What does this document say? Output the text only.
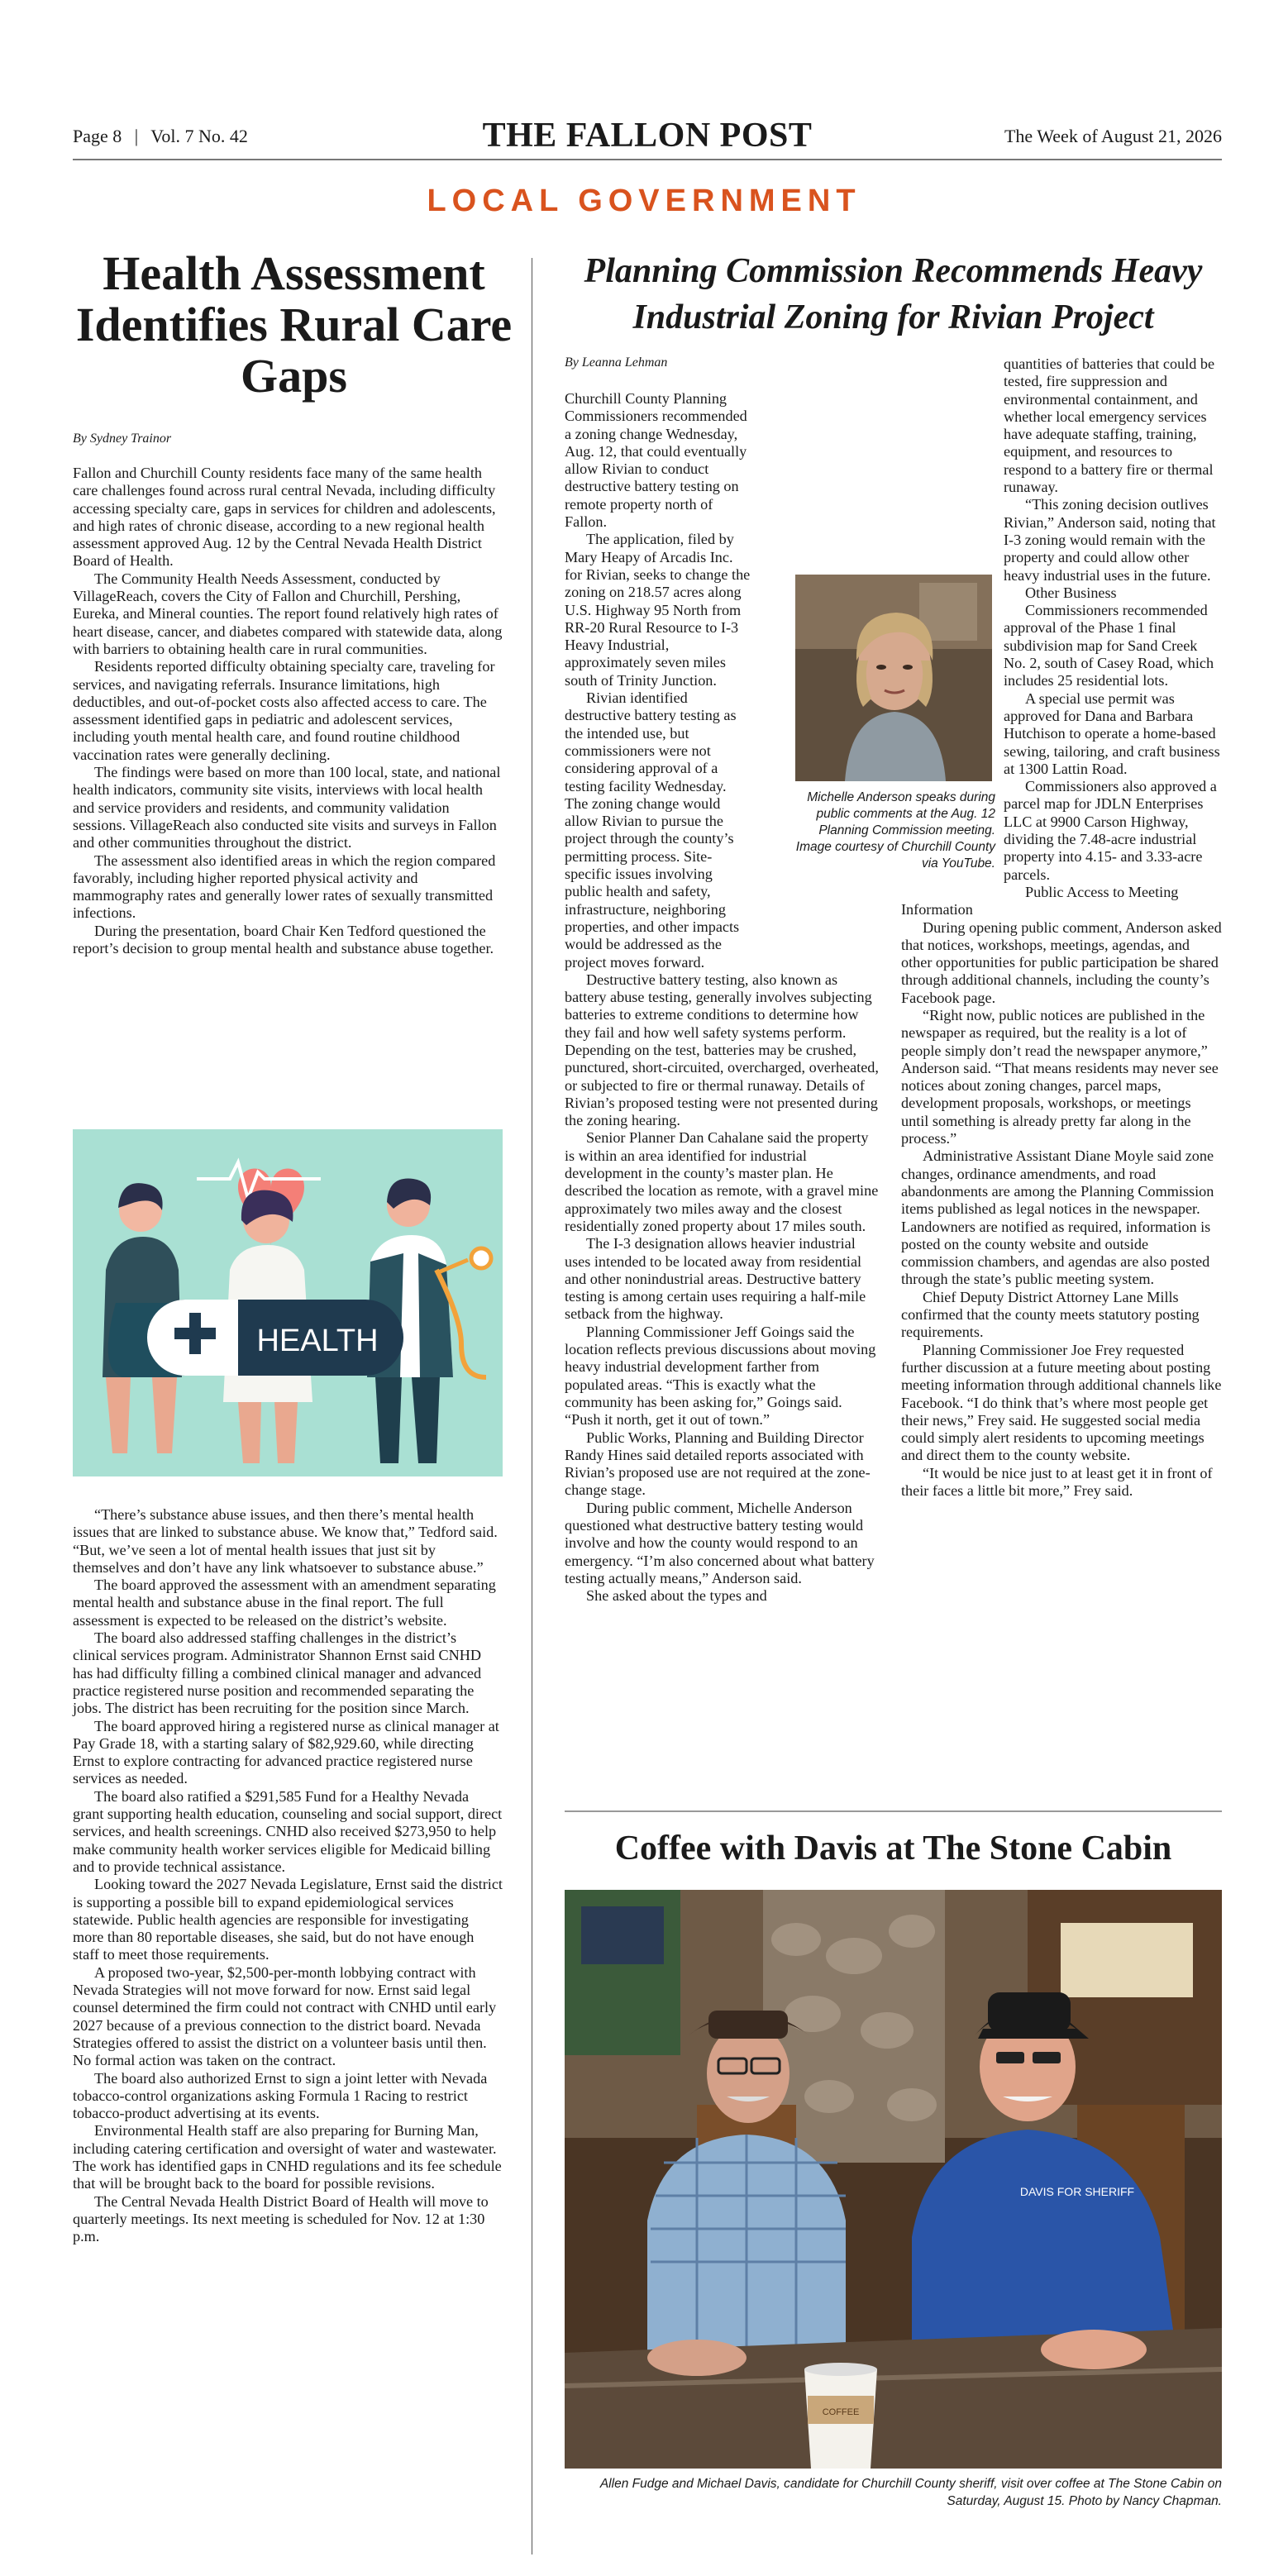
Page 8 | Vol. 7 No. 42	THE FALLON POST	The Week of August 21, 2026
LOCAL GOVERNMENT
Health Assessment Identifies Rural Care Gaps
By Sydney Trainor

Fallon and Churchill County residents face many of the same health care challenges found across rural central Nevada, including difficulty accessing specialty care, gaps in services for children and adolescents, and high rates of chronic disease, according to a new regional health assessment approved Aug. 12 by the Central Nevada Health District Board of Health.

The Community Health Needs Assessment, conducted by VillageReach, covers the City of Fallon and Churchill, Pershing, Eureka, and Mineral counties. The report found relatively high rates of heart disease, cancer, and diabetes compared with statewide data, along with barriers to obtaining health care in rural communities.

Residents reported difficulty obtaining specialty care, traveling for services, and navigating referrals. Insurance limitations, high deductibles, and out-of-pocket costs also affected access to care. The assessment identified gaps in pediatric and adolescent services, including youth mental health care, and found routine childhood vaccination rates were generally declining.

The findings were based on more than 100 local, state, and national health indicators, community site visits, interviews with local health and service providers and residents, and community validation sessions. VillageReach also conducted site visits and surveys in Fallon and other communities throughout the district.

The assessment also identified areas in which the region compared favorably, including higher reported physical activity and mammography rates and generally lower rates of sexually transmitted infections.

During the presentation, board Chair Ken Tedford questioned the report’s decision to group mental health and substance abuse together.

HEALTH

“There’s substance abuse issues, and then there’s mental health issues that are linked to substance abuse. We know that,” Tedford said. “But, we’ve seen a lot of mental health issues that just sit by themselves and don’t have any link whatsoever to substance abuse.”

The board approved the assessment with an amendment separating mental health and substance abuse in the final report. The full assessment is expected to be released on the district’s website.

The board also addressed staffing challenges in the district’s clinical services program. Administrator Shannon Ernst said CNHD has had difficulty filling a combined clinical manager and advanced practice registered nurse position and recommended separating the jobs. The district has been recruiting for the position since March.

The board approved hiring a registered nurse as clinical manager at Pay Grade 18, with a starting salary of $82,929.60, while directing Ernst to explore contracting for advanced practice registered nurse services as needed.

The board also ratified a $291,585 Fund for a Healthy Nevada grant supporting health education, counseling and social support, direct services, and health screenings. CNHD also received $273,950 to help make community health worker services eligible for Medicaid billing and to provide technical assistance.

Looking toward the 2027 Nevada Legislature, Ernst said the district is supporting a possible bill to expand epidemiological services statewide. Public health agencies are responsible for investigating more than 80 reportable diseases, she said, but do not have enough staff to meet those requirements.

A proposed two-year, $2,500-per-month lobbying contract with Nevada Strategies will not move forward for now. Ernst said legal counsel determined the firm could not contract with CNHD until early 2027 because of a previous connection to the district board. Nevada Strategies offered to assist the district on a volunteer basis until then. No formal action was taken on the contract.

The board also authorized Ernst to sign a joint letter with Nevada tobacco-control organizations asking Formula 1 Racing to restrict tobacco-product advertising at its events.

Environmental Health staff are also preparing for Burning Man, including catering certification and oversight of water and wastewater. The work has identified gaps in CNHD regulations and its fee schedule that will be brought back to the board for possible revisions.

The Central Nevada Health District Board of Health will move to quarterly meetings. Its next meeting is scheduled for Nov. 12 at 1:30 p.m.

Planning Commission Recommends Heavy Industrial Zoning for Rivian Project
By Leanna Lehman

Churchill County Planning Commissioners recommended a zoning change Wednesday, Aug. 12, that could eventually allow Rivian to conduct destructive battery testing on remote property north of Fallon.

The application, filed by Mary Heapy of Arcadis Inc. for Rivian, seeks to change the zoning on 218.57 acres along U.S. Highway 95 North from RR-20 Rural Resource to I-3 Heavy Industrial, approximately seven miles south of Trinity Junction.

Rivian identified destructive battery testing as the intended use, but commissioners were not considering approval of a testing facility Wednesday. The zoning change would allow Rivian to pursue the project through the county’s permitting process. Site-specific issues involving public health and safety, infrastructure, neighboring properties, and other impacts would be addressed as the project moves forward.

Destructive battery testing, also known as battery abuse testing, generally involves subjecting batteries to extreme conditions to determine how they fail and how well safety systems perform. Depending on the test, batteries may be crushed, punctured, short-circuited, overcharged, overheated, or subjected to fire or thermal runaway. Details of Rivian’s proposed testing were not presented during the zoning hearing.

Senior Planner Dan Cahalane said the property is within an area identified for industrial development in the county’s master plan. He described the location as remote, with a gravel mine approximately two miles away and the closest residentially zoned property about 17 miles south.

The I-3 designation allows heavier industrial uses intended to be located away from residential and other nonindustrial areas. Destructive battery testing is among certain uses requiring a half-mile setback from the highway.

Planning Commissioner Jeff Goings said the location reflects previous discussions about moving heavy industrial development farther from populated areas. “This is exactly what the community has been asking for,” Goings said. “Push it north, get it out of town.”

Public Works, Planning and Building Director Randy Hines said detailed reports associated with Rivian’s proposed use are not required at the zone-change stage.

During public comment, Michelle Anderson questioned what destructive battery testing would involve and how the county would respond to an emergency. “I’m also concerned about what battery testing actually means,” Anderson said.

She asked about the types and

Michelle Anderson speaks during public comments at the Aug. 12 Planning Commission meeting. Image courtesy of Churchill County via YouTube.

quantities of batteries that could be tested, fire suppression and environmental containment, and whether local emergency services have adequate staffing, training, equipment, and resources to respond to a battery fire or thermal runaway.

“This zoning decision outlives Rivian,” Anderson said, noting that I-3 zoning would remain with the property and could allow other heavy industrial uses in the future.

Other Business

Commissioners recommended approval of the Phase 1 final subdivision map for Sand Creek No. 2, south of Casey Road, which includes 25 residential lots.

A special use permit was approved for Dana and Barbara Hutchison to operate a home-based sewing, tailoring, and craft business at 1300 Lattin Road.

Commissioners also approved a parcel map for JDLN Enterprises LLC at 9900 Carson Highway, dividing the 7.48-acre industrial property into 4.15- and 3.33-acre parcels.

Public Access to Meeting Information

During opening public comment, Anderson asked that notices, workshops, meetings, agendas, and other opportunities for public participation be shared through additional channels, including the county’s Facebook page.

“Right now, public notices are published in the newspaper as required, but the reality is a lot of people simply don’t read the newspaper anymore,” Anderson said. “That means residents may never see notices about zoning changes, parcel maps, development proposals, workshops, or meetings until something is already pretty far along in the process.”

Administrative Assistant Diane Moyle said zone changes, ordinance amendments, and road abandonments are among the Planning Commission items published as legal notices in the newspaper. Landowners are notified as required, information is posted on the county website and outside commission chambers, and agendas are also posted through the state’s public meeting system.

Chief Deputy District Attorney Lane Mills confirmed that the county meets statutory posting requirements.

Planning Commissioner Joe Frey requested further discussion at a future meeting about posting meeting information through additional channels like Facebook. “I do think that’s where most people get their news,” Frey said. He suggested social media could simply alert residents to upcoming meetings and direct them to the county website.

“It would be nice just to at least get it in front of their faces a little bit more,” Frey said.

Coffee with Davis at The Stone Cabin
DAVIS FOR SHERIFF
COFFEE
Allen Fudge and Michael Davis, candidate for Churchill County sheriff, visit over coffee at The Stone Cabin on Saturday, August 15. Photo by Nancy Chapman.
